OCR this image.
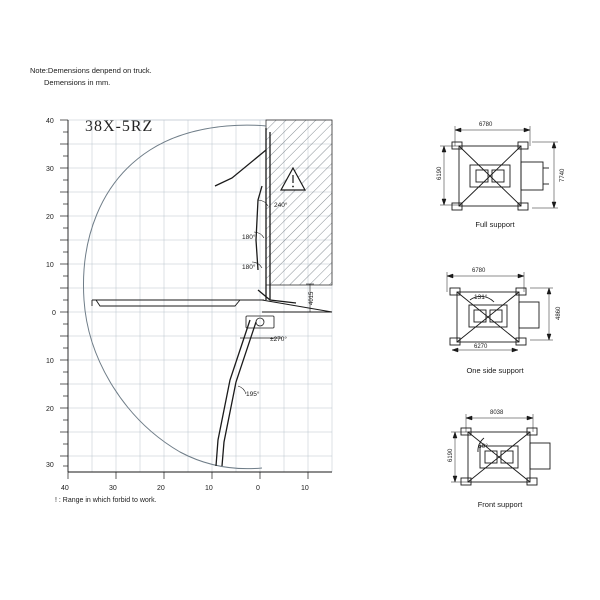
Note:Demensions denpend on truck.
Demensions in mm.
! : Range in which forbid to work.
38X-5RZ
40
30
20
10
0
10
20
30
40	30	20	10	0	10
4015
240°
180°
180°
195°
±270°
6780
6190	7740
6780
4860
6270
131°
8038
6190
60°
Full support
One side support
Front support
